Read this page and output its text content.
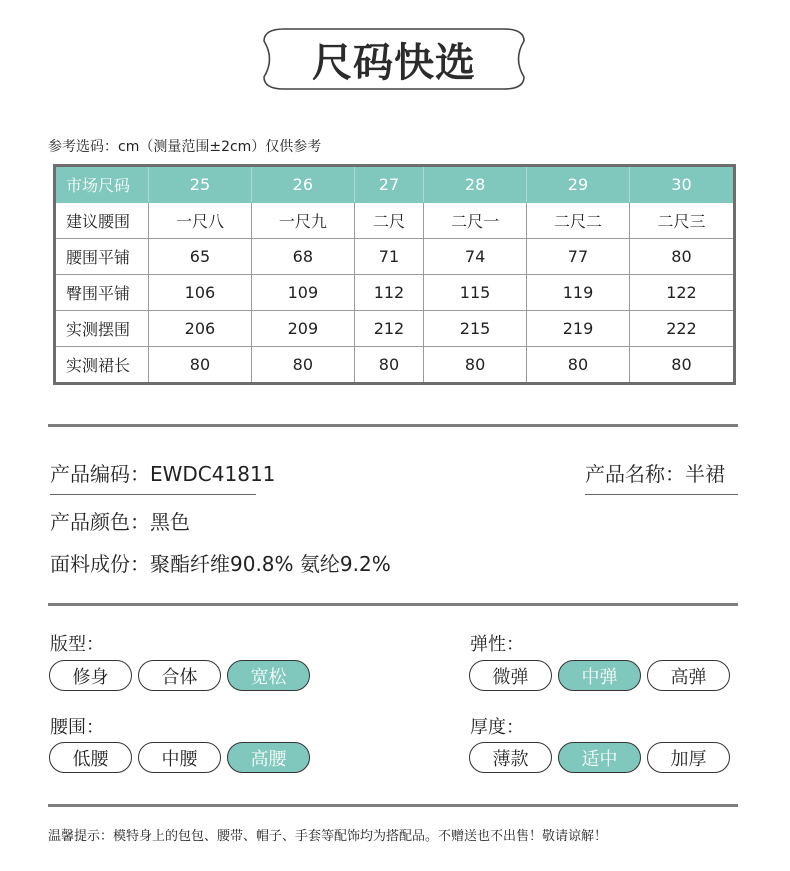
尺码快选
参考选码：cm（测量范围±2cm）仅供参考
市场尺码	25	26	27	28	29	30
建议腰围	一尺八	一尺九	二尺	二尺一	二尺二	二尺三
腰围平铺	65	68	71	74	77	80
臀围平铺	106	109	112	115	119	122
实测摆围	206	209	212	215	219	222
实测裙长	80	80	80	80	80	80
产品编码：EWDC41811	产品名称：半裙
产品颜色：黑色
面料成份：聚酯纤维90.8% 氨纶9.2%
版型：
修身	合体	宽松
弹性：
微弹	中弹	高弹
腰围：
低腰	中腰	高腰
厚度：
薄款	适中	加厚
温馨提示：模特身上的包包、腰带、帽子、手套等配饰均为搭配品。不赠送也不出售！敬请谅解！
